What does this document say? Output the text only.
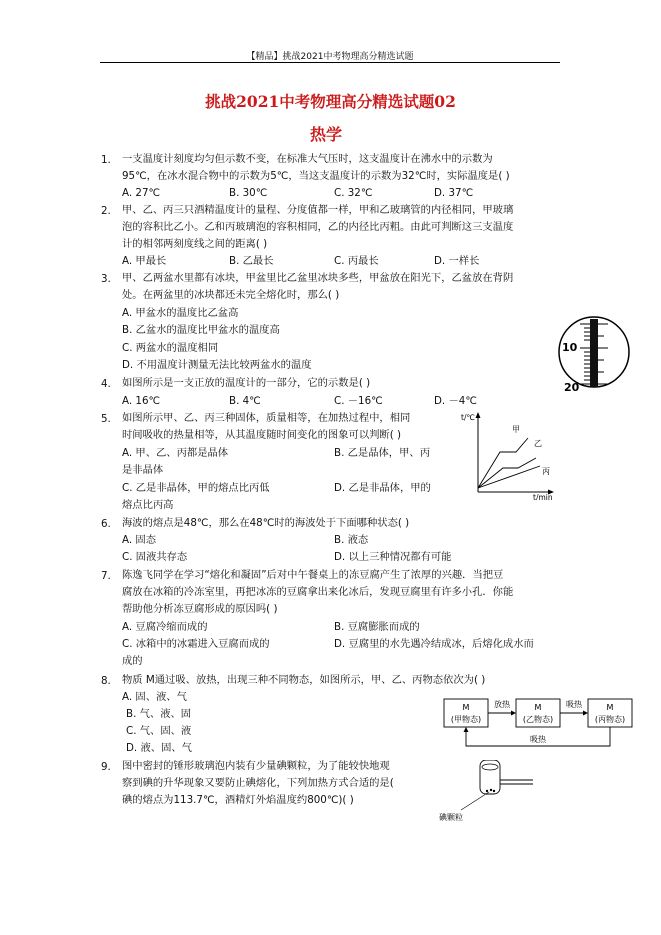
【精品】挑战2021中考物理高分精选试题
挑战2021中考物理高分精选试题02
热学
1. 一支温度计刻度均匀但示数不变，在标准大气压时，这支温度计在沸水中的示数为
95℃，在冰水混合物中的示数为5℃，当这支温度计的示数为32℃时，实际温度是( )
A. 27℃	B. 30℃	C. 32℃	D. 37℃
2. 甲、乙、丙三只酒精温度计的量程、分度值都一样，甲和乙玻璃管的内径相同，甲玻璃
泡的容积比乙小。乙和丙玻璃泡的容积相同，乙的内径比丙粗。由此可判断这三支温度
计的相邻两刻度线之间的距离( )
A. 甲最长	B. 乙最长	C. 丙最长	D. 一样长
3. 甲、乙两盆水里都有冰块，甲盆里比乙盆里冰块多些，甲盆放在阳光下，乙盆放在背阴
处。在两盆里的冰块都还未完全熔化时，那么( )
A. 甲盆水的温度比乙盆高
B. 乙盆水的温度比甲盆水的温度高
C. 两盆水的温度相同
D. 不用温度计测量无法比较两盆水的温度
10
20
4. 如图所示是一支正放的温度计的一部分，它的示数是( )
A. 16℃	B. 4℃	C. －16℃	D. －4℃
5. 如图所示甲、乙、丙三种固体，质量相等，在加热过程中，相同
时间吸收的热量相等，从其温度随时间变化的图象可以判断( )
A. 甲、乙、丙都是晶体	B. 乙是晶体，甲、丙
是非晶体
C. 乙是非晶体，甲的熔点比丙低	D. 乙是非晶体，甲的
熔点比丙高
t/℃
t/min
甲
乙
丙
6. 海波的熔点是48℃，那么在48℃时的海波处于下面哪种状态( )
A. 固态	B. 液态
C. 固液共存态	D. 以上三种情况都有可能
7. 陈逸飞同学在学习“熔化和凝固”后对中午餐桌上的冻豆腐产生了浓厚的兴趣．当把豆
腐放在冰箱的冷冻室里，再把冰冻的豆腐拿出来化冰后，发现豆腐里有许多小孔．你能
帮助他分析冻豆腐形成的原因吗( )
A. 豆腐冷缩而成的	B. 豆腐膨胀而成的
C. 冰箱中的冰霜进入豆腐而成的	D. 豆腐里的水先遇冷结成冰，后熔化成水而
成的
8. 物质 M通过吸、放热，出现三种不同物态，如图所示，甲、乙、丙物态依次为( )
A. 固、液、气
B. 气、液、固
C. 气、固、液
D. 液、固、气
M
(甲物态)
M
(乙物态)
M
(丙物态)
放热	吸热
吸热
9. 图中密封的锤形玻璃泡内装有少量碘颗粒，为了能较快地观
察到碘的升华现象又要防止碘熔化，下列加热方式合适的是(
碘的熔点为113.7℃，酒精灯外焰温度约800℃)( )
碘颗粒
